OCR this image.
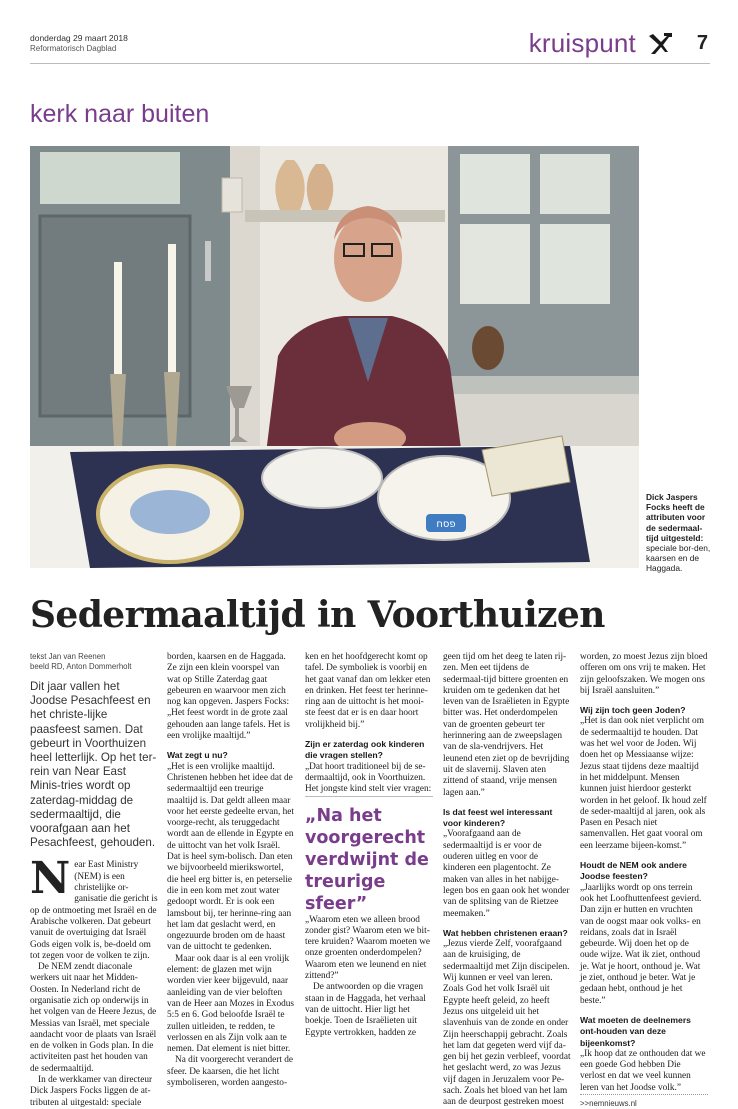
donderdag 29 maart 2018
Reformatorisch Dagblad	kruispunt	7
kerk naar buiten
פסח
Dick Jaspers Focks heeft de attributen voor de sedermaal-tijd uitgesteld: speciale bor-den, kaarsen en de Haggada.
Sedermaaltijd in Voorthuizen

tekst Jan van Reenen

beeld RD, Anton Dommerholt

Dit jaar vallen het Joodse Pesachfeest en het christe-lijke paasfeest samen. Dat gebeurt in Voorthuizen heel letterlijk. Op het ter-rein van Near East Minis-tries wordt op zaterdag-middag de sedermaaltijd, die voorafgaan aan het Pesachfeest, gehouden.

Near East Ministry (NEM) is een christelijke or-ganisatie die gericht is op de ontmoeting met Israël en de Arabische volkeren. Dat gebeurt vanuit de overtuiging dat Israël Gods eigen volk is, be-doeld om tot zegen voor de volken te zijn.

De NEM zendt diaconale werkers uit naar het Midden-Oosten. In Nederland richt de organisatie zich op onderwijs in het volgen van de Heere Jezus, de Messias van Israël, met speciale aandacht voor de plaats van Israël en de volken in Gods plan. In die activiteiten past het houden van de sedermaaltijd.

In de werkkamer van directeur Dick Jaspers Focks liggen de at-tributen al uitgestald: speciale

borden, kaarsen en de Haggada. Ze zijn een klein voorspel van wat op Stille Zaterdag gaat gebeuren en waarvoor men zich nog kan opgeven. Jaspers Focks: „Het feest wordt in de grote zaal gehouden aan lange tafels. Het is een vrolijke maaltijd.”

Wat zegt u nu?

„Het is een vrolijke maaltijd. Christenen hebben het idee dat de sedermaaltijd een treurige maaltijd is. Dat geldt alleen maar voor het eerste gedeelte ervan, het voorge-recht, als teruggedacht wordt aan de ellende in Egypte en de uittocht van het volk Israël. Dat is heel sym-bolisch. Dan eten we bijvoorbeeld mierikswortel, die heel erg bitter is, en peterselie die in een kom met zout water gedoopt wordt. Er is ook een lamsbout bij, ter herinne-ring aan het lam dat geslacht werd, en ongezuurde broden om de haast van de uittocht te gedenken.

Maar ook daar is al een vrolijk element: de glazen met wijn worden vier keer bijgevuld, naar aanleiding van de vier beloften van de Heer aan Mozes in Exodus 5:5 en 6. God beloofde Israël te zullen uitleiden, te redden, te verlossen en als Zijn volk aan te nemen. Dat element is niet bitter.

Na dit voorgerecht verandert de sfeer. De kaarsen, die het licht symboliseren, worden aangesto-

ken en het hoofdgerecht komt op tafel. De symboliek is voorbij en het gaat vanaf dan om lekker eten en drinken. Het feest ter herinne-ring aan de uittocht is het mooi-ste feest dat er is en daar hoort vrolijkheid bij.”

Zijn er zaterdag ook kinderen die vragen stellen?

„Dat hoort traditioneel bij de se-dermaaltijd, ook in Voorthuizen. Het jongste kind stelt vier vragen:

„Na het voorgerecht verdwijnt de treurige sfeer”

„Waarom eten we alleen brood zonder gist? Waarom eten we bit-tere kruiden? Waarom moeten we onze groenten onderdompelen? Waarom eten we leunend en niet zittend?”

De antwoorden op die vragen staan in de Haggada, het verhaal van de uittocht. Hier ligt het boekje. Toen de Israëlieten uit Egypte vertrokken, hadden ze

geen tijd om het deeg te laten rij-zen. Men eet tijdens de sedermaal-tijd bittere groenten en kruiden om te gedenken dat het leven van de Israëlieten in Egypte bitter was. Het onderdompelen van de groenten gebeurt ter herinnering aan de zweepslagen van de sla-vendrijvers. Het leunend eten ziet op de bevrijding uit de slavernij. Slaven aten zittend of staand, vrije mensen lagen aan.”

Is dat feest wel interessant voor kinderen?

„Voorafgaand aan de sedermaaltijd is er voor de ouderen uitleg en voor de kinderen een plagentocht. Ze maken van alles in het nabijge-legen bos en gaan ook het wonder van de splitsing van de Rietzee meemaken.”

Wat hebben christenen eraan?

„Jezus vierde Zelf, voorafgaand aan de kruisiging, de sedermaaltijd met Zijn discipelen. Wij kunnen er veel van leren. Zoals God het volk Israël uit Egypte heeft geleid, zo heeft Jezus ons uitgeleid uit het slavenhuis van de zonde en onder Zijn heerschappij gebracht. Zoals het lam dat gegeten werd vijf da-gen bij het gezin verbleef, voordat het geslacht werd, zo was Jezus vijf dagen in Jeruzalem voor Pe-sach. Zoals het bloed van het lam aan de deurpost gestreken moest

worden, zo moest Jezus zijn bloed offeren om ons vrij te maken. Het zijn geloofszaken. We mogen ons bij Israël aansluiten.”

Wij zijn toch geen Joden?

„Het is dan ook niet verplicht om de sedermaaltijd te houden. Dat was het wel voor de Joden. Wij doen het op Messiaanse wijze: Jezus staat tijdens deze maaltijd in het middelpunt. Mensen kunnen juist hierdoor gesterkt worden in het geloof. Ik houd zelf de seder-maaltijd al jaren, ook als Pasen en Pesach niet samenvallen. Het gaat vooral om een leerzame bijeen-komst.”

Houdt de NEM ook andere Joodse feesten?

„Jaarlijks wordt op ons terrein ook het Loofhuttenfeest gevierd. Dan zijn er hutten en vruchten van de oogst maar ook volks- en reidans, zoals dat in Israël gebeurde. Wij doen het op de oude wijze. Wat ik ziet, onthoud je. Wat je hoort, onthoud je. Wat je ziet, onthoud je beter. Wat je gedaan hebt, onthoud je het beste.”

Wat moeten de deelnemers ont-houden van deze bijeenkomst?

„Ik hoop dat ze onthouden dat we een goede God hebben Die verlost en dat we veel kunnen leren van het Joodse volk.”

>>nemnieuws.nl
